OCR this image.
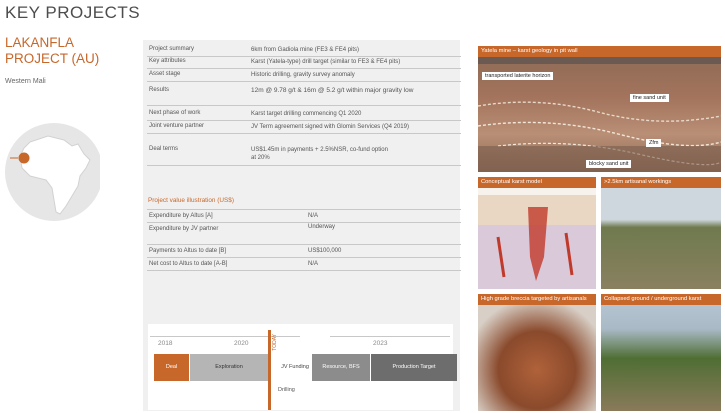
KEY PROJECTS
LAKANFLA
PROJECT (AU)
Western Mali
Project summary	6km from Gadiola mine (FE3 & FE4 pits)
Key attributes	Karst (Yatela-type) drill target (similar to FE3 & FE4 pits)
Asset stage	Historic drilling, gravity survey anomaly
Results	12m @ 9.78 g/t & 16m @ 5.2 g/t within major gravity low
Next phase of work	Karst target drilling commencing Q1 2020
Joint venture partner	JV Term agreement signed with Glomin Services (Q4 2019)
Deal terms	US$1.45m in payments + 2.5%NSR, co-fund option at 20%
Project value illustration (US$)
Expenditure by Altus [A]	N/A
Expenditure by JV partner	Underway
Payments to Altus to date [B]	US$100,000
Net cost to Altus to date [A-B]	N/A
2018	2020	2023
TODAY
Deal	Exploration	JV Funding	Resource, BFS	Production Target
Drilling
Yatela mine – karst geology in pit wall
transported laterite horizon
fine sand unit
Zfm
blocky sand unit
Conceptual karst model	>2.5km artisanal workings
High grade breccia targeted by artisanals	Collapsed ground / underground karst
